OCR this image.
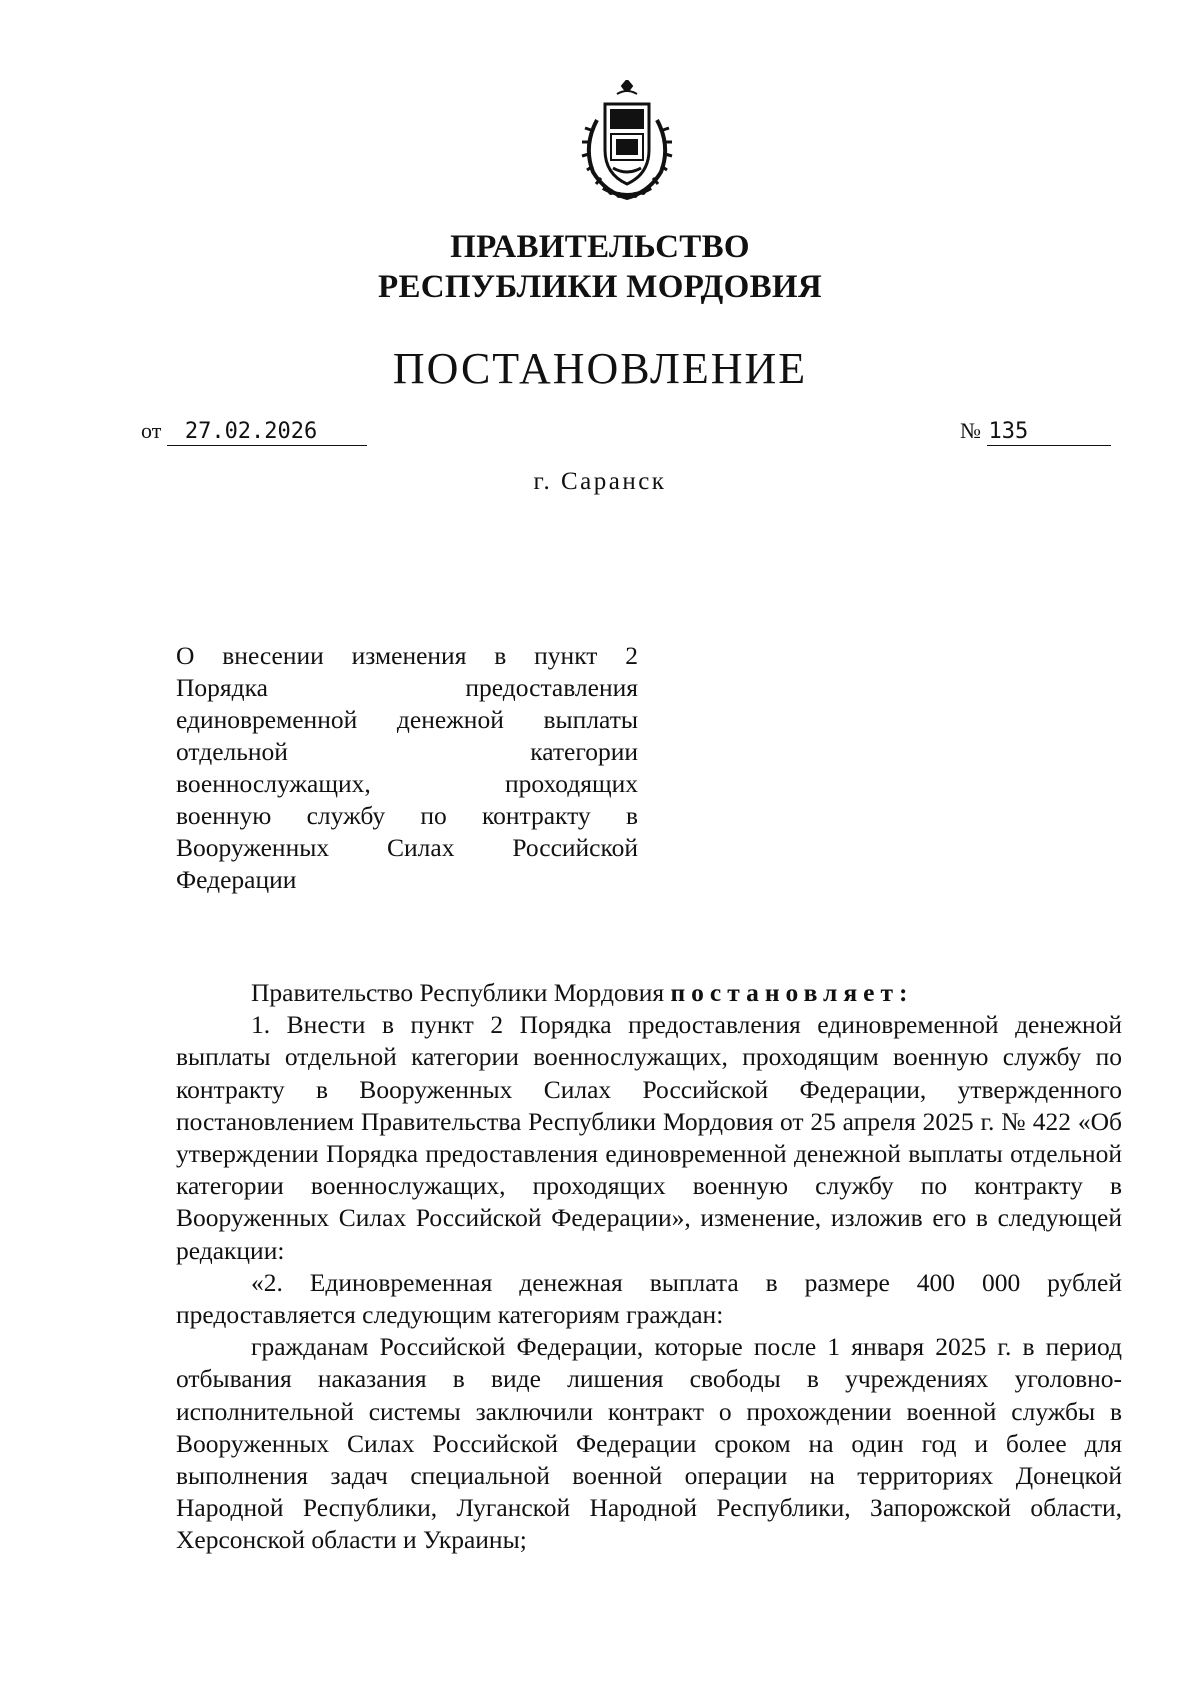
ПРАВИТЕЛЬСТВО
РЕСПУБЛИКИ МОРДОВИЯ
ПОСТАНОВЛЕНИЕ
от 27.02.2026	№ 135
г. Саранск
О внесении изменения в пункт 2
Порядка предоставления
единовременной денежной выплаты
отдельной категории
военнослужащих, проходящих
военную службу по контракту в
Вооруженных Силах Российской
Федерации

Правительство Республики Мордовия постановляет:

1. Внести в пункт 2 Порядка предоставления единовременной денежной выплаты отдельной категории военнослужащих, проходящим военную службу по контракту в Вооруженных Силах Российской Федерации, утвержденного постановлением Правительства Республики Мордовия от 25 апреля 2025 г. № 422 «Об утверждении Порядка предоставления единовременной денежной выплаты отдельной категории военнослужащих, проходящих военную службу по контракту в Вооруженных Силах Российской Федерации», изменение, изложив его в следующей редакции:

«2. Единовременная денежная выплата в размере 400 000 рублей предоставляется следующим категориям граждан:

гражданам Российской Федерации, которые после 1 января 2025 г. в период отбывания наказания в виде лишения свободы в учреждениях уголовно-исполнительной системы заключили контракт о прохождении военной службы в Вооруженных Силах Российской Федерации сроком на один год и более для выполнения задач специальной военной операции на территориях Донецкой Народной Республики, Луганской Народной Республики, Запорожской области, Херсонской области и Украины;
